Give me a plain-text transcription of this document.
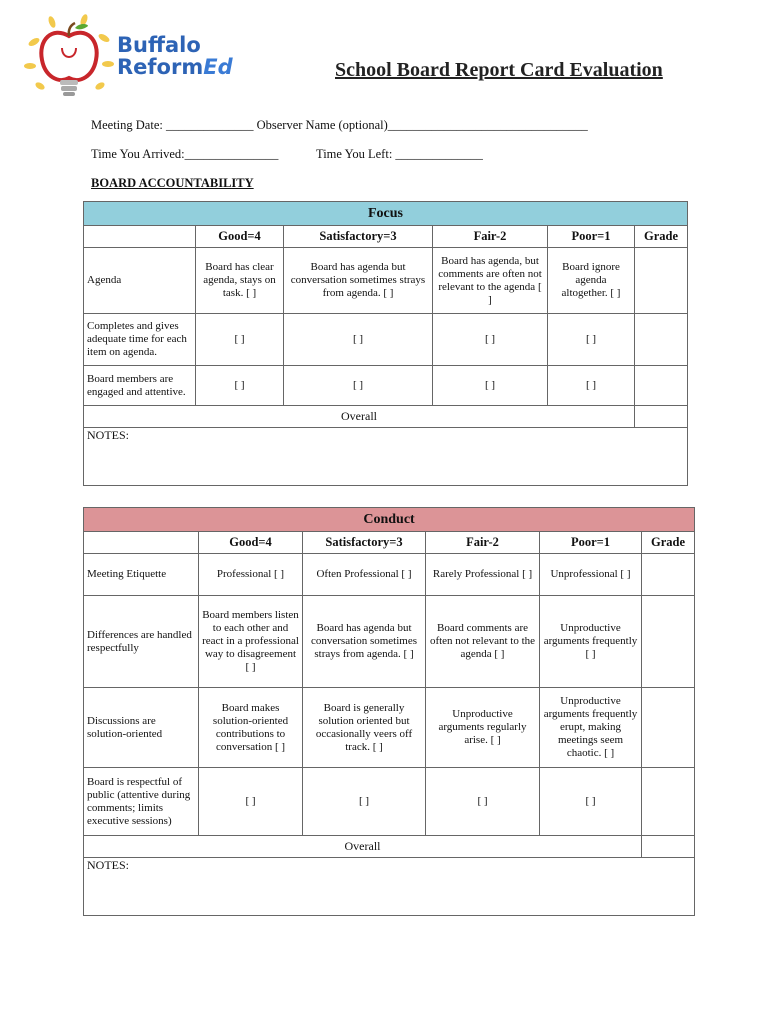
Buffalo
ReformEd	School Board Report Card Evaluation
Meeting Date: ______________ Observer Name (optional)________________________________
Time You Arrived:_______________	Time You Left: ______________
BOARD ACCOUNTABILITY
Focus					
	Good=4	Satisfactory=3	Fair-2	Poor=1	Grade
Agenda	Board has clear agenda, stays on task. [ ]	Board has agenda but conversation sometimes strays from agenda. [ ]	Board has agenda, but comments are often not relevant to the agenda [ ]	Board ignore agenda altogether. [ ]	
Completes and gives adequate time for each item on agenda.	[ ]	[ ]	[ ]	[ ]	
Board members are engaged and attentive.	[ ]	[ ]	[ ]	[ ]	
Overall					
NOTES:					
Conduct					
	Good=4	Satisfactory=3	Fair-2	Poor=1	Grade
Meeting Etiquette	Professional [ ]	Often Professional [ ]	Rarely Professional [ ]	Unprofessional [ ]	
Differences are handled respectfully	Board members listen to each other and react in a professional way to disagreement [ ]	Board has agenda but conversation sometimes strays from agenda. [ ]	Board comments are often not relevant to the agenda [ ]	Unproductive arguments frequently [ ]	
Discussions are solution-oriented	Board makes solution-oriented contributions to conversation [ ]	Board is generally solution oriented but occasionally veers off track. [ ]	Unproductive arguments regularly arise. [ ]	Unproductive arguments frequently erupt, making meetings seem chaotic. [ ]	
Board is respectful of public (attentive during comments; limits executive sessions)	[ ]	[ ]	[ ]	[ ]	
Overall					
NOTES:					
